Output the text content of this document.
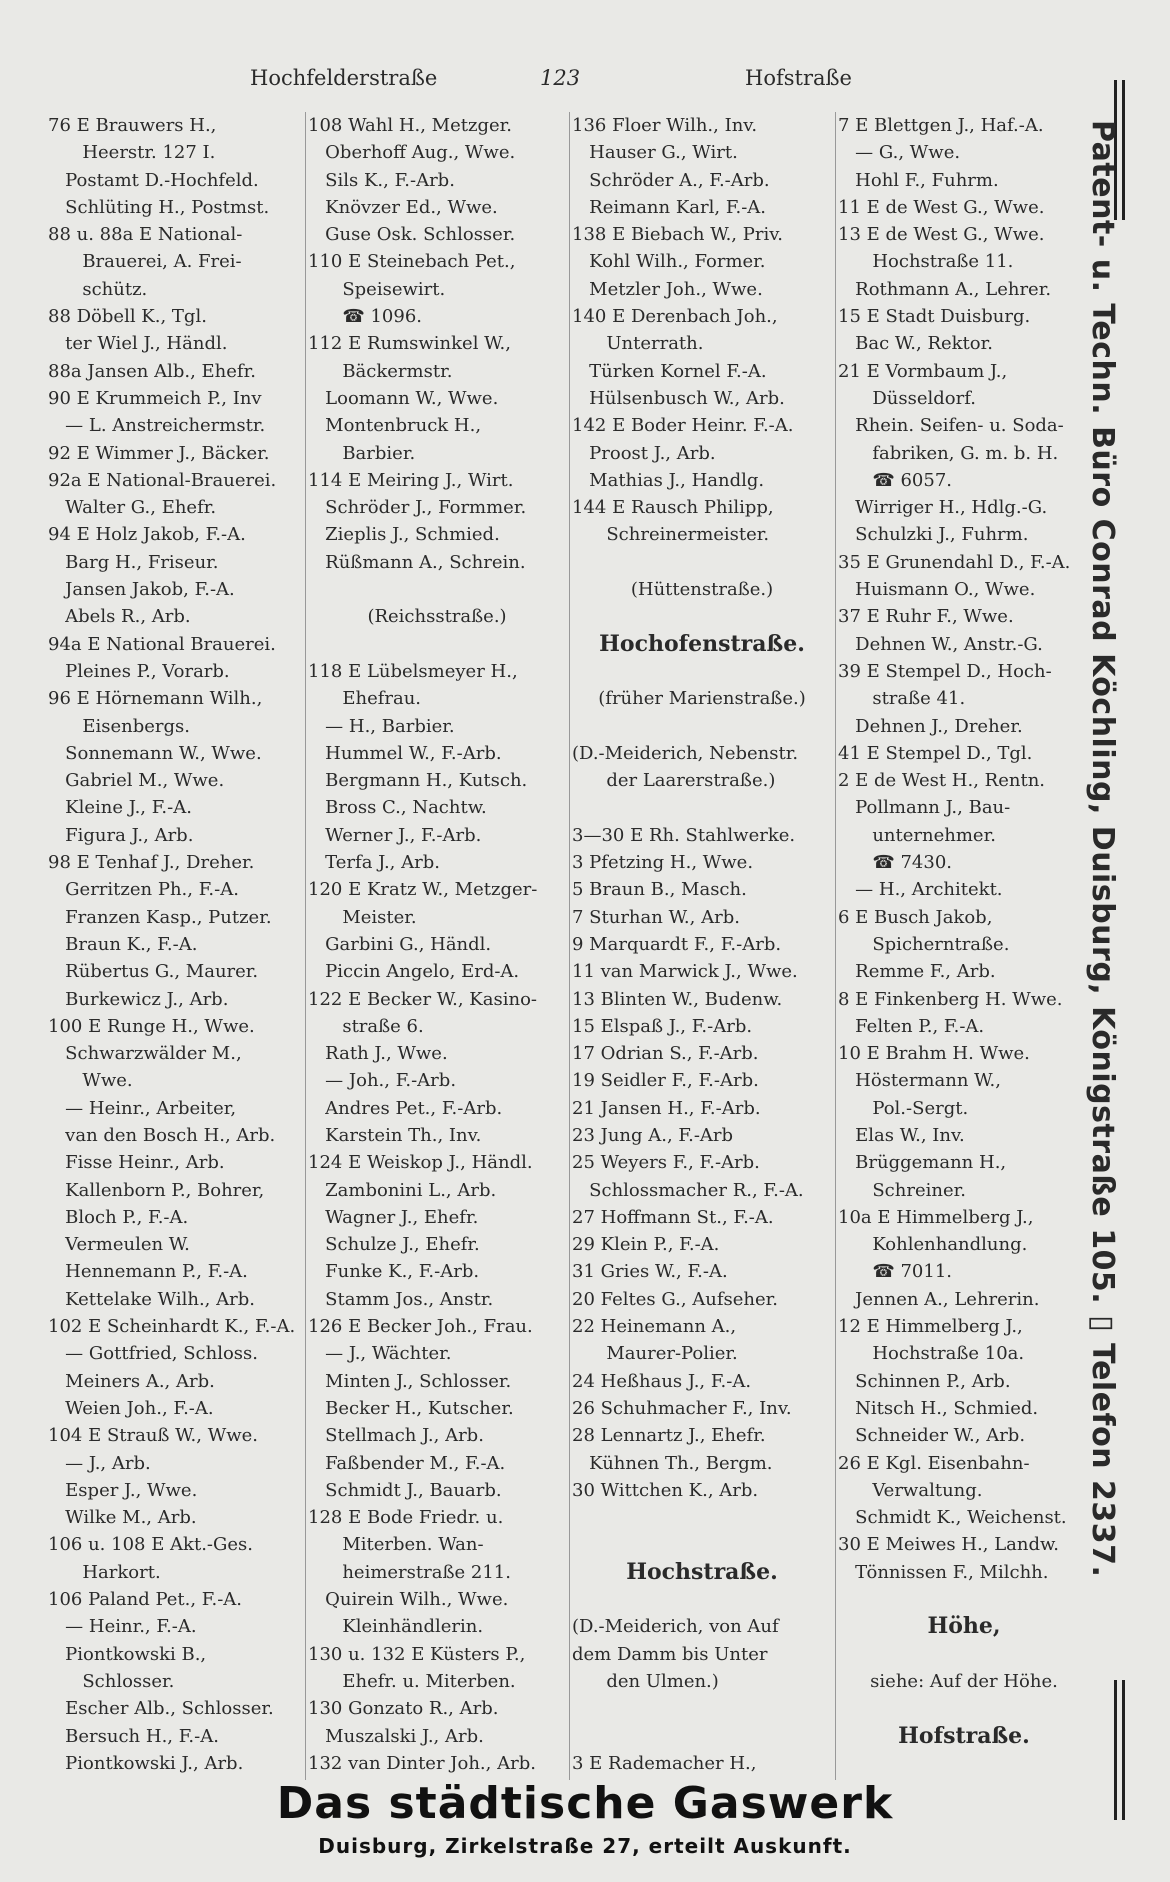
Hochfelderstraße	123	Hofstraße
76 E Brauwers H.,
Heerstr. 127 I.
Postamt D.-Hochfeld.
Schlüting H., Postmst.
88 u. 88a E National-
Brauerei, A. Frei-
schütz.
88 Döbell K., Tgl.
ter Wiel J., Händl.
88a Jansen Alb., Ehefr.
90 E Krummeich P., Inv
— L. Anstreichermstr.
92 E Wimmer J., Bäcker.
92a E National-Brauerei.
Walter G., Ehefr.
94 E Holz Jakob, F.-A.
Barg H., Friseur.
Jansen Jakob, F.-A.
Abels R., Arb.
94a E National Brauerei.
Pleines P., Vorarb.
96 E Hörnemann Wilh.,
Eisenbergs.
Sonnemann W., Wwe.
Gabriel M., Wwe.
Kleine J., F.-A.
Figura J., Arb.
98 E Tenhaf J., Dreher.
Gerritzen Ph., F.-A.
Franzen Kasp., Putzer.
Braun K., F.-A.
Rübertus G., Maurer.
Burkewicz J., Arb.
100 E Runge H., Wwe.
Schwarzwälder M.,
Wwe.
— Heinr., Arbeiter,
van den Bosch H., Arb.
Fisse Heinr., Arb.
Kallenborn P., Bohrer,
Bloch P., F.-A.
Vermeulen W.
Hennemann P., F.-A.
Kettelake Wilh., Arb.
102 E Scheinhardt K., F.-A.
— Gottfried, Schloss.
Meiners A., Arb.
Weien Joh., F.-A.
104 E Strauß W., Wwe.
— J., Arb.
Esper J., Wwe.
Wilke M., Arb.
106 u. 108 E Akt.-Ges.
Harkort.
106 Paland Pet., F.-A.
— Heinr., F.-A.
Piontkowski B.,
Schlosser.
Escher Alb., Schlosser.
Bersuch H., F.-A.
Piontkowski J., Arb.
108 Wahl H., Metzger.
Oberhoff Aug., Wwe.
Sils K., F.-Arb.
Knövzer Ed., Wwe.
Guse Osk. Schlosser.
110 E Steinebach Pet.,
Speisewirt.
☎ 1096.
112 E Rumswinkel W.,
Bäckermstr.
Loomann W., Wwe.
Montenbruck H.,
Barbier.
114 E Meiring J., Wirt.
Schröder J., Formmer.
Zieplis J., Schmied.
Rüßmann A., Schrein.
(Reichsstraße.)
118 E Lübelsmeyer H.,
Ehefrau.
— H., Barbier.
Hummel W., F.-Arb.
Bergmann H., Kutsch.
Bross C., Nachtw.
Werner J., F.-Arb.
Terfa J., Arb.
120 E Kratz W., Metzger-
Meister.
Garbini G., Händl.
Piccin Angelo, Erd-A.
122 E Becker W., Kasino-
straße 6.
Rath J., Wwe.
— Joh., F.-Arb.
Andres Pet., F.-Arb.
Karstein Th., Inv.
124 E Weiskop J., Händl.
Zambonini L., Arb.
Wagner J., Ehefr.
Schulze J., Ehefr.
Funke K., F.-Arb.
Stamm Jos., Anstr.
126 E Becker Joh., Frau.
— J., Wächter.
Minten J., Schlosser.
Becker H., Kutscher.
Stellmach J., Arb.
Faßbender M., F.-A.
Schmidt J., Bauarb.
128 E Bode Friedr. u.
Miterben. Wan-
heimerstraße 211.
Quirein Wilh., Wwe.
Kleinhändlerin.
130 u. 132 E Küsters P.,
Ehefr. u. Miterben.
130 Gonzato R., Arb.
Muszalski J., Arb.
132 van Dinter Joh., Arb.
136 Floer Wilh., Inv.
Hauser G., Wirt.
Schröder A., F.-Arb.
Reimann Karl, F.-A.
138 E Biebach W., Priv.
Kohl Wilh., Former.
Metzler Joh., Wwe.
140 E Derenbach Joh.,
Unterrath.
Türken Kornel F.-A.
Hülsenbusch W., Arb.
142 E Boder Heinr. F.-A.
Proost J., Arb.
Mathias J., Handlg.
144 E Rausch Philipp,
Schreinermeister.
(Hüttenstraße.)
Hochofenstraße.
(früher Marienstraße.)
(D.-Meiderich, Nebenstr.
der Laarerstraße.)
3—30 E Rh. Stahlwerke.
3 Pfetzing H., Wwe.
5 Braun B., Masch.
7 Sturhan W., Arb.
9 Marquardt F., F.-Arb.
11 van Marwick J., Wwe.
13 Blinten W., Budenw.
15 Elspaß J., F.-Arb.
17 Odrian S., F.-Arb.
19 Seidler F., F.-Arb.
21 Jansen H., F.-Arb.
23 Jung A., F.-Arb
25 Weyers F., F.-Arb.
Schlossmacher R., F.-A.
27 Hoffmann St., F.-A.
29 Klein P., F.-A.
31 Gries W., F.-A.
20 Feltes G., Aufseher.
22 Heinemann A.,
Maurer-Polier.
24 Heßhaus J., F.-A.
26 Schuhmacher F., Inv.
28 Lennartz J., Ehefr.
Kühnen Th., Bergm.
30 Wittchen K., Arb.
Hochstraße.
(D.-Meiderich, von Auf
dem Damm bis Unter
den Ulmen.)
3 E Rademacher H.,
7 E Blettgen J., Haf.-A.
— G., Wwe.
Hohl F., Fuhrm.
11 E de West G., Wwe.
13 E de West G., Wwe.
Hochstraße 11.
Rothmann A., Lehrer.
15 E Stadt Duisburg.
Bac W., Rektor.
21 E Vormbaum J.,
Düsseldorf.
Rhein. Seifen- u. Soda-
fabriken, G. m. b. H.
☎ 6057.
Wirriger H., Hdlg.-G.
Schulzki J., Fuhrm.
35 E Grunendahl D., F.-A.
Huismann O., Wwe.
37 E Ruhr F., Wwe.
Dehnen W., Anstr.-G.
39 E Stempel D., Hoch-
straße 41.
Dehnen J., Dreher.
41 E Stempel D., Tgl.
2 E de West H., Rentn.
Pollmann J., Bau-
unternehmer.
☎ 7430.
— H., Architekt.
6 E Busch Jakob,
Spicherntraße.
Remme F., Arb.
8 E Finkenberg H. Wwe.
Felten P., F.-A.
10 E Brahm H. Wwe.
Höstermann W.,
Pol.-Sergt.
Elas W., Inv.
Brüggemann H.,
Schreiner.
10a E Himmelberg J.,
Kohlenhandlung.
☎ 7011.
Jennen A., Lehrerin.
12 E Himmelberg J.,
Hochstraße 10a.
Schinnen P., Arb.
Nitsch H., Schmied.
Schneider W., Arb.
26 E Kgl. Eisenbahn-
Verwaltung.
Schmidt K., Weichenst.
30 E Meiwes H., Landw.
Tönnissen F., Milchh.
Höhe,
siehe: Auf der Höhe.
Hofstraße.
Patent- u. Techn. Büro Conrad Köchling, Duisburg, Königstraße 105. ▯ Telefon 2337.
Das städtische Gaswerk
Duisburg, Zirkelstraße 27, erteilt Auskunft.
